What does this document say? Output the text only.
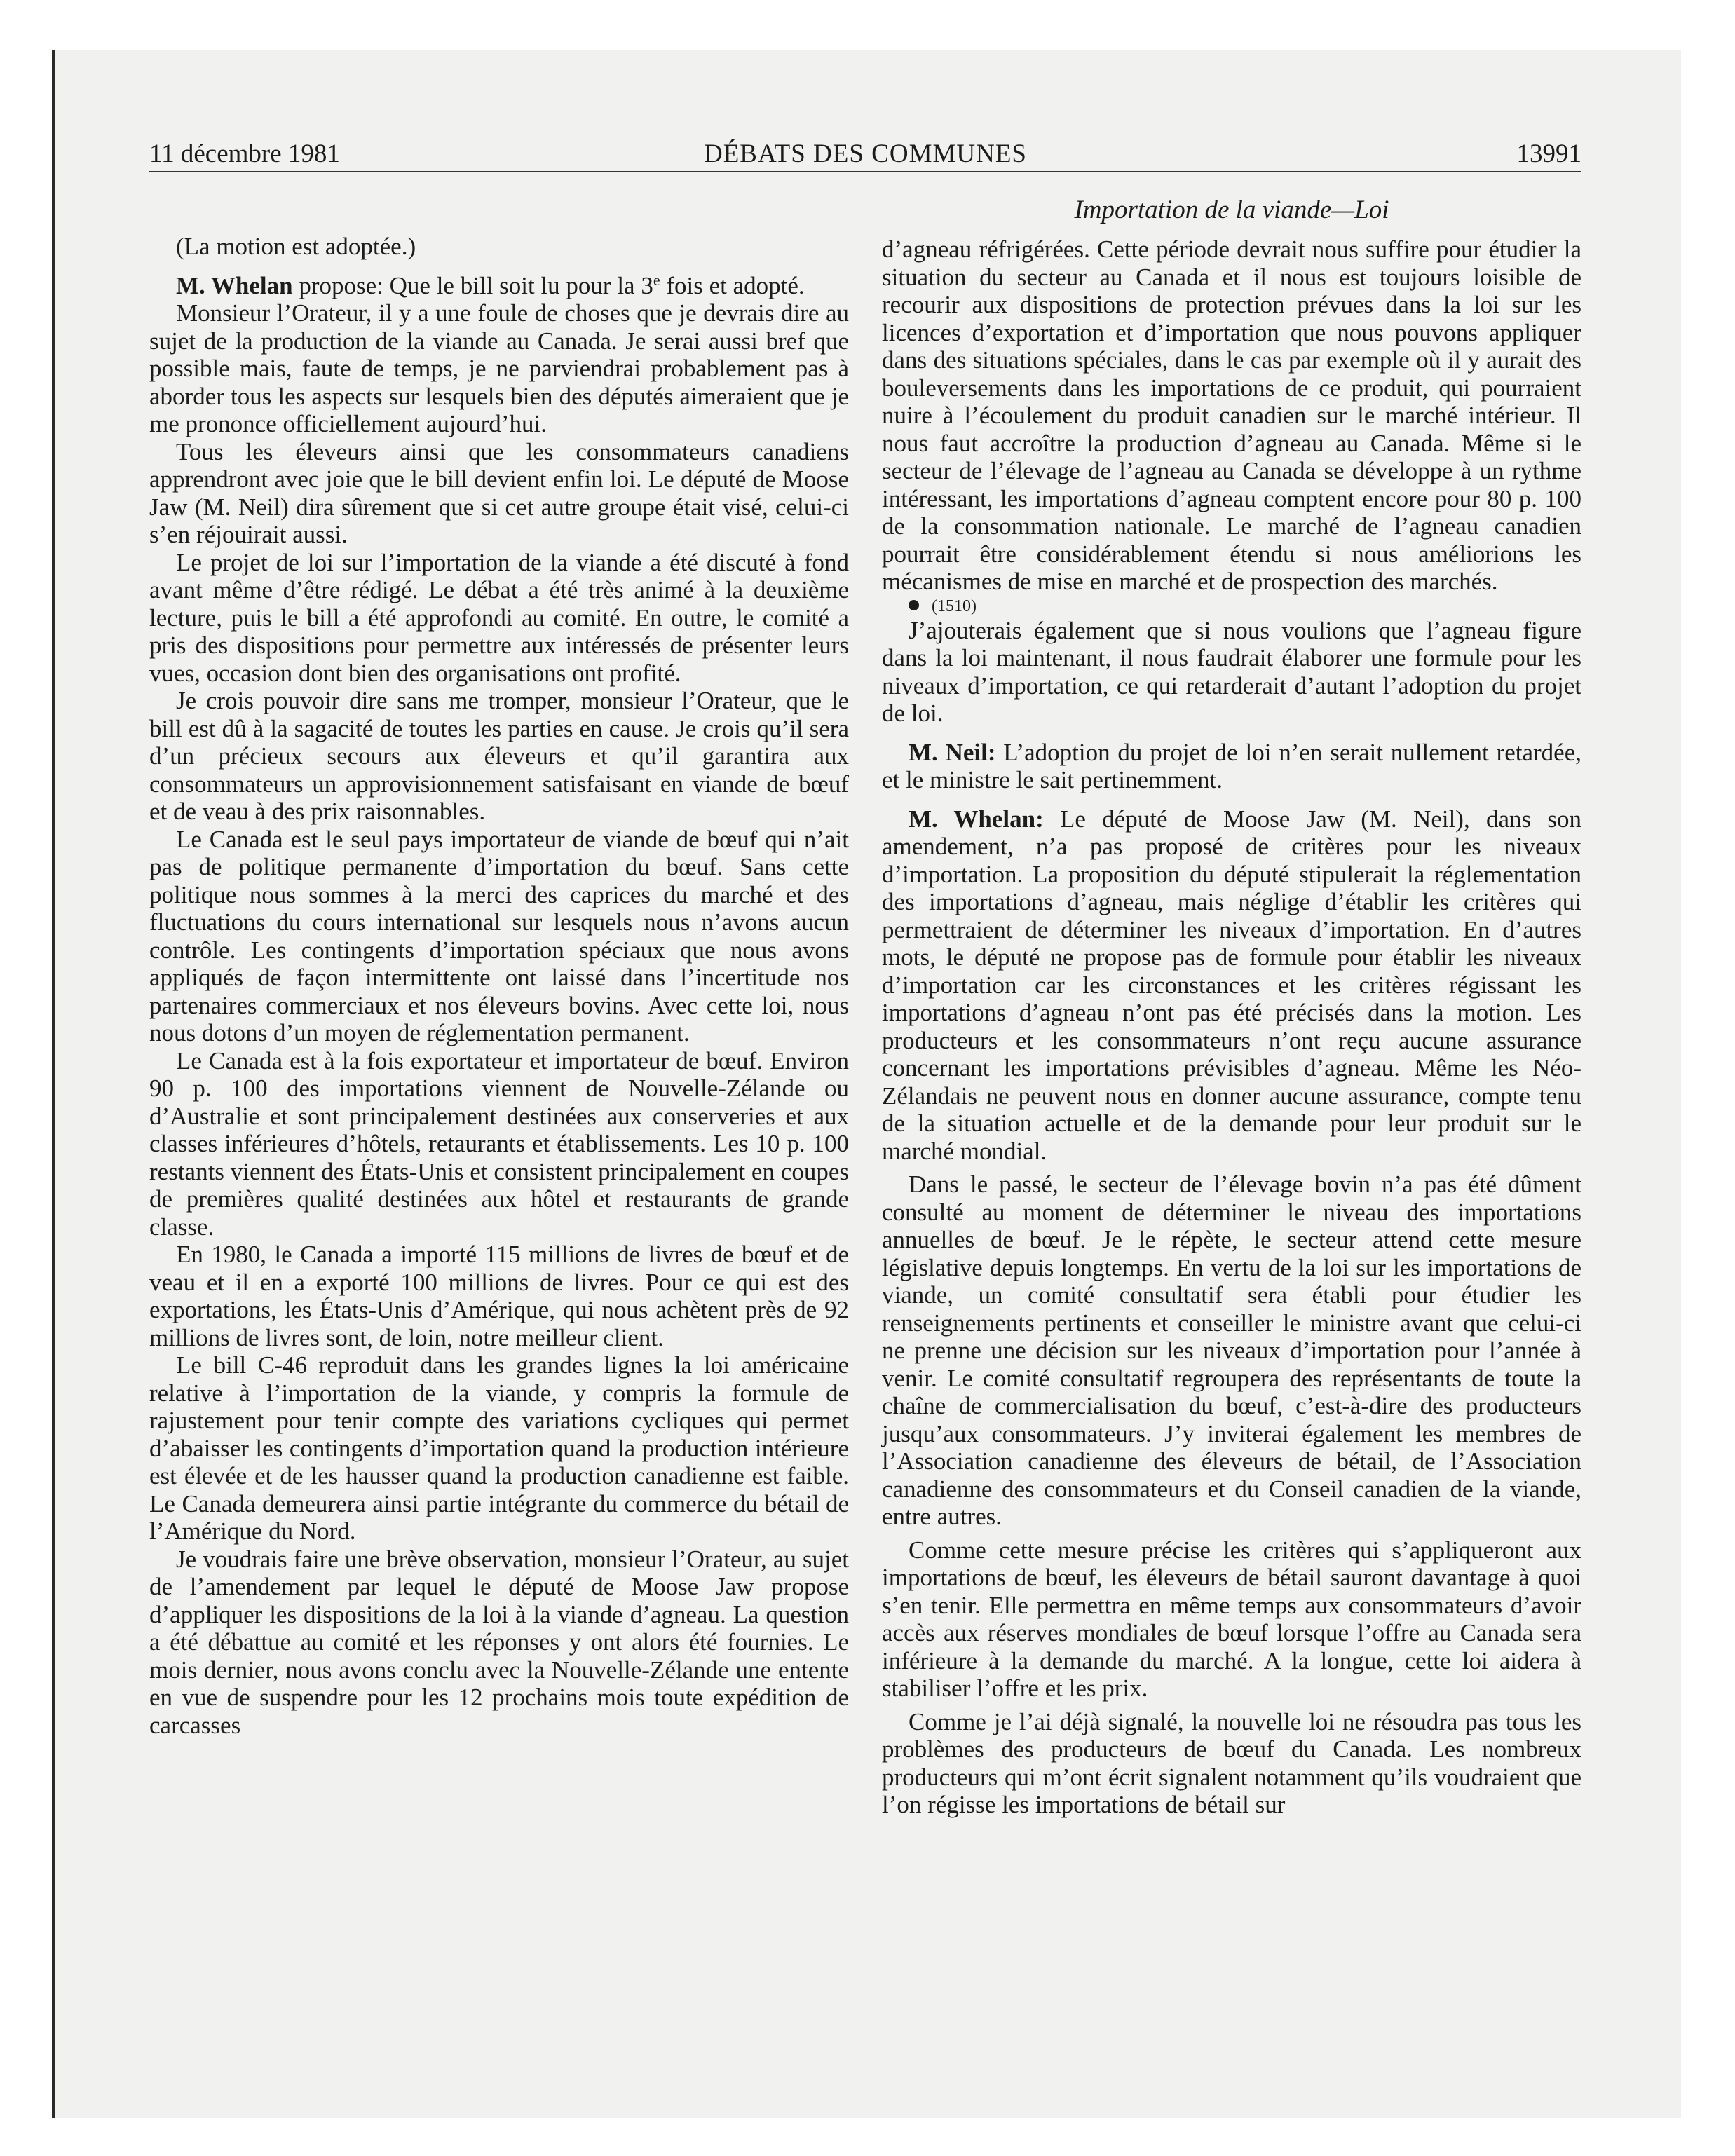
11 décembre 1981	DÉBATS DES COMMUNES	13991
Importation de la viande—Loi

(La motion est adoptée.)

M. Whelan propose: Que le bill soit lu pour la 3e fois et adopté.

Monsieur l’Orateur, il y a une foule de choses que je devrais dire au sujet de la production de la viande au Canada. Je serai aussi bref que possible mais, faute de temps, je ne parviendrai probablement pas à aborder tous les aspects sur lesquels bien des députés aimeraient que je me prononce officiellement aujourd’hui.

Tous les éleveurs ainsi que les consommateurs canadiens apprendront avec joie que le bill devient enfin loi. Le député de Moose Jaw (M. Neil) dira sûrement que si cet autre groupe était visé, celui-ci s’en réjouirait aussi.

Le projet de loi sur l’importation de la viande a été discuté à fond avant même d’être rédigé. Le débat a été très animé à la deuxième lecture, puis le bill a été approfondi au comité. En outre, le comité a pris des dispositions pour permettre aux intéressés de présenter leurs vues, occasion dont bien des organisations ont profité.

Je crois pouvoir dire sans me tromper, monsieur l’Orateur, que le bill est dû à la sagacité de toutes les parties en cause. Je crois qu’il sera d’un précieux secours aux éleveurs et qu’il garantira aux consommateurs un approvisionnement satisfaisant en viande de bœuf et de veau à des prix raisonnables.

Le Canada est le seul pays importateur de viande de bœuf qui n’ait pas de politique permanente d’importation du bœuf. Sans cette politique nous sommes à la merci des caprices du marché et des fluctuations du cours international sur lesquels nous n’avons aucun contrôle. Les contingents d’importation spéciaux que nous avons appliqués de façon intermittente ont laissé dans l’incertitude nos partenaires commerciaux et nos éleveurs bovins. Avec cette loi, nous nous dotons d’un moyen de réglementation permanent.

Le Canada est à la fois exportateur et importateur de bœuf. Environ 90 p. 100 des importations viennent de Nouvelle-Zélande ou d’Australie et sont principalement destinées aux conserveries et aux classes inférieures d’hôtels, retaurants et établissements. Les 10 p. 100 restants viennent des États-Unis et consistent principalement en coupes de premières qualité destinées aux hôtel et restaurants de grande classe.

En 1980, le Canada a importé 115 millions de livres de bœuf et de veau et il en a exporté 100 millions de livres. Pour ce qui est des exportations, les États-Unis d’Amérique, qui nous achètent près de 92 millions de livres sont, de loin, notre meilleur client.

Le bill C-46 reproduit dans les grandes lignes la loi américaine relative à l’importation de la viande, y compris la formule de rajustement pour tenir compte des variations cycliques qui permet d’abaisser les contingents d’importation quand la production intérieure est élevée et de les hausser quand la production canadienne est faible. Le Canada demeurera ainsi partie intégrante du commerce du bétail de l’Amérique du Nord.

Je voudrais faire une brève observation, monsieur l’Orateur, au sujet de l’amendement par lequel le député de Moose Jaw propose d’appliquer les dispositions de la loi à la viande d’agneau. La question a été débattue au comité et les réponses y ont alors été fournies. Le mois dernier, nous avons conclu avec la Nouvelle-Zélande une entente en vue de suspendre pour les 12 prochains mois toute expédition de carcasses

d’agneau réfrigérées. Cette période devrait nous suffire pour étudier la situation du secteur au Canada et il nous est toujours loisible de recourir aux dispositions de protection prévues dans la loi sur les licences d’exportation et d’importation que nous pouvons appliquer dans des situations spéciales, dans le cas par exemple où il y aurait des bouleversements dans les importations de ce produit, qui pourraient nuire à l’écoulement du produit canadien sur le marché intérieur. Il nous faut accroître la production d’agneau au Canada. Même si le secteur de l’élevage de l’agneau au Canada se développe à un rythme intéressant, les importations d’agneau comptent encore pour 80 p. 100 de la consommation nationale. Le marché de l’agneau canadien pourrait être considérablement étendu si nous améliorions les mécanismes de mise en marché et de prospection des marchés.

(1510)

J’ajouterais également que si nous voulions que l’agneau figure dans la loi maintenant, il nous faudrait élaborer une formule pour les niveaux d’importation, ce qui retarderait d’autant l’adoption du projet de loi.

M. Neil: L’adoption du projet de loi n’en serait nullement retardée, et le ministre le sait pertinemment.

M. Whelan: Le député de Moose Jaw (M. Neil), dans son amendement, n’a pas proposé de critères pour les niveaux d’importation. La proposition du député stipulerait la réglementation des importations d’agneau, mais néglige d’établir les critères qui permettraient de déterminer les niveaux d’importation. En d’autres mots, le député ne propose pas de formule pour établir les niveaux d’importation car les circonstances et les critères régissant les importations d’agneau n’ont pas été précisés dans la motion. Les producteurs et les consommateurs n’ont reçu aucune assurance concernant les importations prévisibles d’agneau. Même les Néo-Zélandais ne peuvent nous en donner aucune assurance, compte tenu de la situation actuelle et de la demande pour leur produit sur le marché mondial.

Dans le passé, le secteur de l’élevage bovin n’a pas été dûment consulté au moment de déterminer le niveau des importations annuelles de bœuf. Je le répète, le secteur attend cette mesure législative depuis longtemps. En vertu de la loi sur les importations de viande, un comité consultatif sera établi pour étudier les renseignements pertinents et conseiller le ministre avant que celui-ci ne prenne une décision sur les niveaux d’importation pour l’année à venir. Le comité consultatif regroupera des représentants de toute la chaîne de commercialisation du bœuf, c’est-à-dire des producteurs jusqu’aux consommateurs. J’y inviterai également les membres de l’Association canadienne des éleveurs de bétail, de l’Association canadienne des consommateurs et du Conseil canadien de la viande, entre autres.

Comme cette mesure précise les critères qui s’appliqueront aux importations de bœuf, les éleveurs de bétail sauront davantage à quoi s’en tenir. Elle permettra en même temps aux consommateurs d’avoir accès aux réserves mondiales de bœuf lorsque l’offre au Canada sera inférieure à la demande du marché. A la longue, cette loi aidera à stabiliser l’offre et les prix.

Comme je l’ai déjà signalé, la nouvelle loi ne résoudra pas tous les problèmes des producteurs de bœuf du Canada. Les nombreux producteurs qui m’ont écrit signalent notamment qu’ils voudraient que l’on régisse les importations de bétail sur
